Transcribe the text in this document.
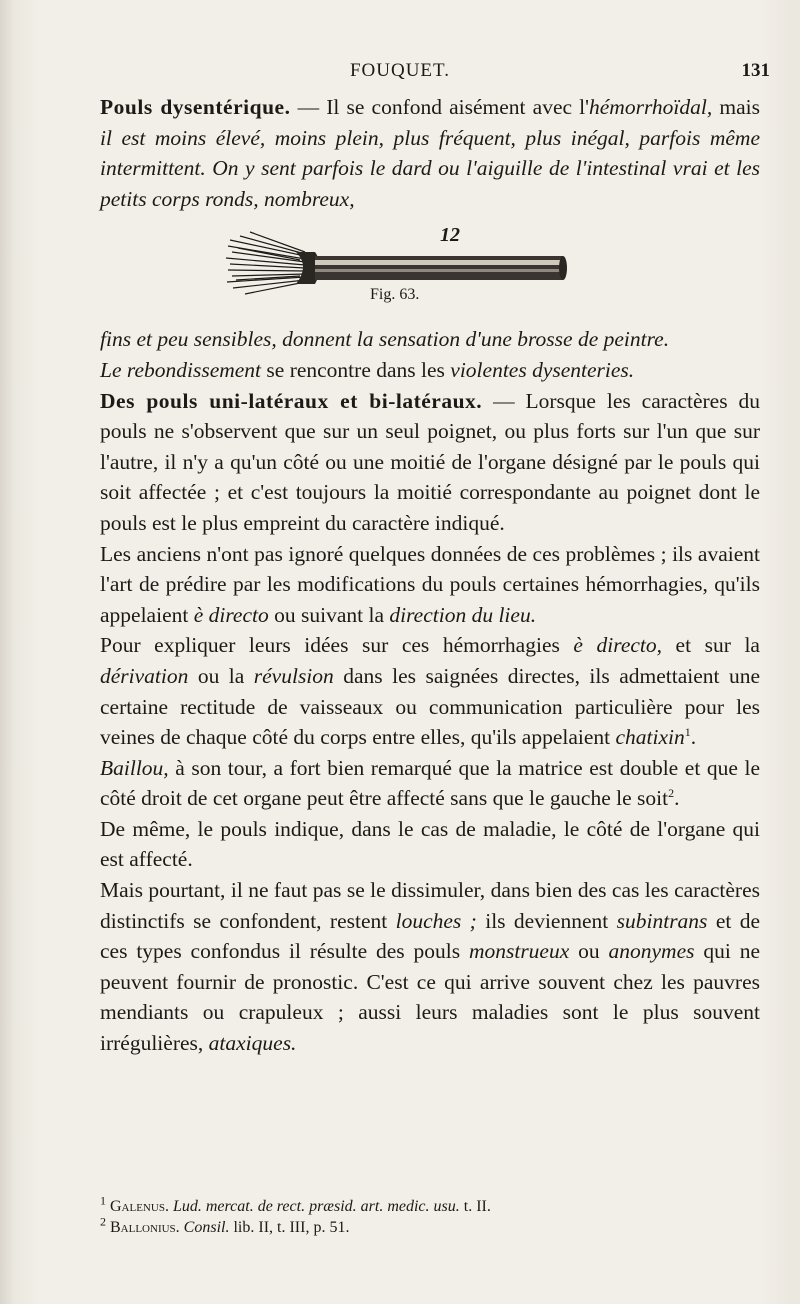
FOUQUET.	131

Pouls dysentérique. — Il se confond aisément avec l'hémorrhoïdal, mais il est moins élevé, moins plein, plus fréquent, plus inégal, parfois même intermittent. On y sent parfois le dard ou l'aiguille de l'intestinal vrai et les petits corps ronds, nombreux,

12
Fig. 63.

fins et peu sensibles, donnent la sensation d'une brosse de peintre.
Le rebondissement se rencontre dans les violentes dysenteries.

Des pouls uni-latéraux et bi-latéraux. — Lorsque les caractères du pouls ne s'observent que sur un seul poignet, ou plus forts sur l'un que sur l'autre, il n'y a qu'un côté ou une moitié de l'organe désigné par le pouls qui soit affectée ; et c'est toujours la moitié correspondante au poignet dont le pouls est le plus empreint du caractère indiqué.

Les anciens n'ont pas ignoré quelques données de ces problèmes ; ils avaient l'art de prédire par les modifications du pouls certaines hémorrhagies, qu'ils appelaient è directo ou suivant la direction du lieu.

Pour expliquer leurs idées sur ces hémorrhagies è directo, et sur la dérivation ou la révulsion dans les saignées directes, ils admettaient une certaine rectitude de vaisseaux ou communication particulière pour les veines de chaque côté du corps entre elles, qu'ils appelaient chatixin$^1$.

Baillou, à son tour, a fort bien remarqué que la matrice est double et que le côté droit de cet organe peut être affecté sans que le gauche le soit$^2$.

De même, le pouls indique, dans le cas de maladie, le côté de l'organe qui est affecté.

Mais pourtant, il ne faut pas se le dissimuler, dans bien des cas les caractères distinctifs se confondent, restent louches ; ils deviennent subintrans et de ces types confondus il résulte des pouls monstrueux ou anonymes qui ne peuvent fournir de pronostic. C'est ce qui arrive souvent chez les pauvres mendiants ou crapuleux ; aussi leurs maladies sont le plus souvent irrégulières, ataxiques.

$^1$ Galenus. Lud. mercat. de rect. præsid. art. medic. usu. t. II.

$^2$ Ballonius. Consil. lib. II, t. III, p. 51.
